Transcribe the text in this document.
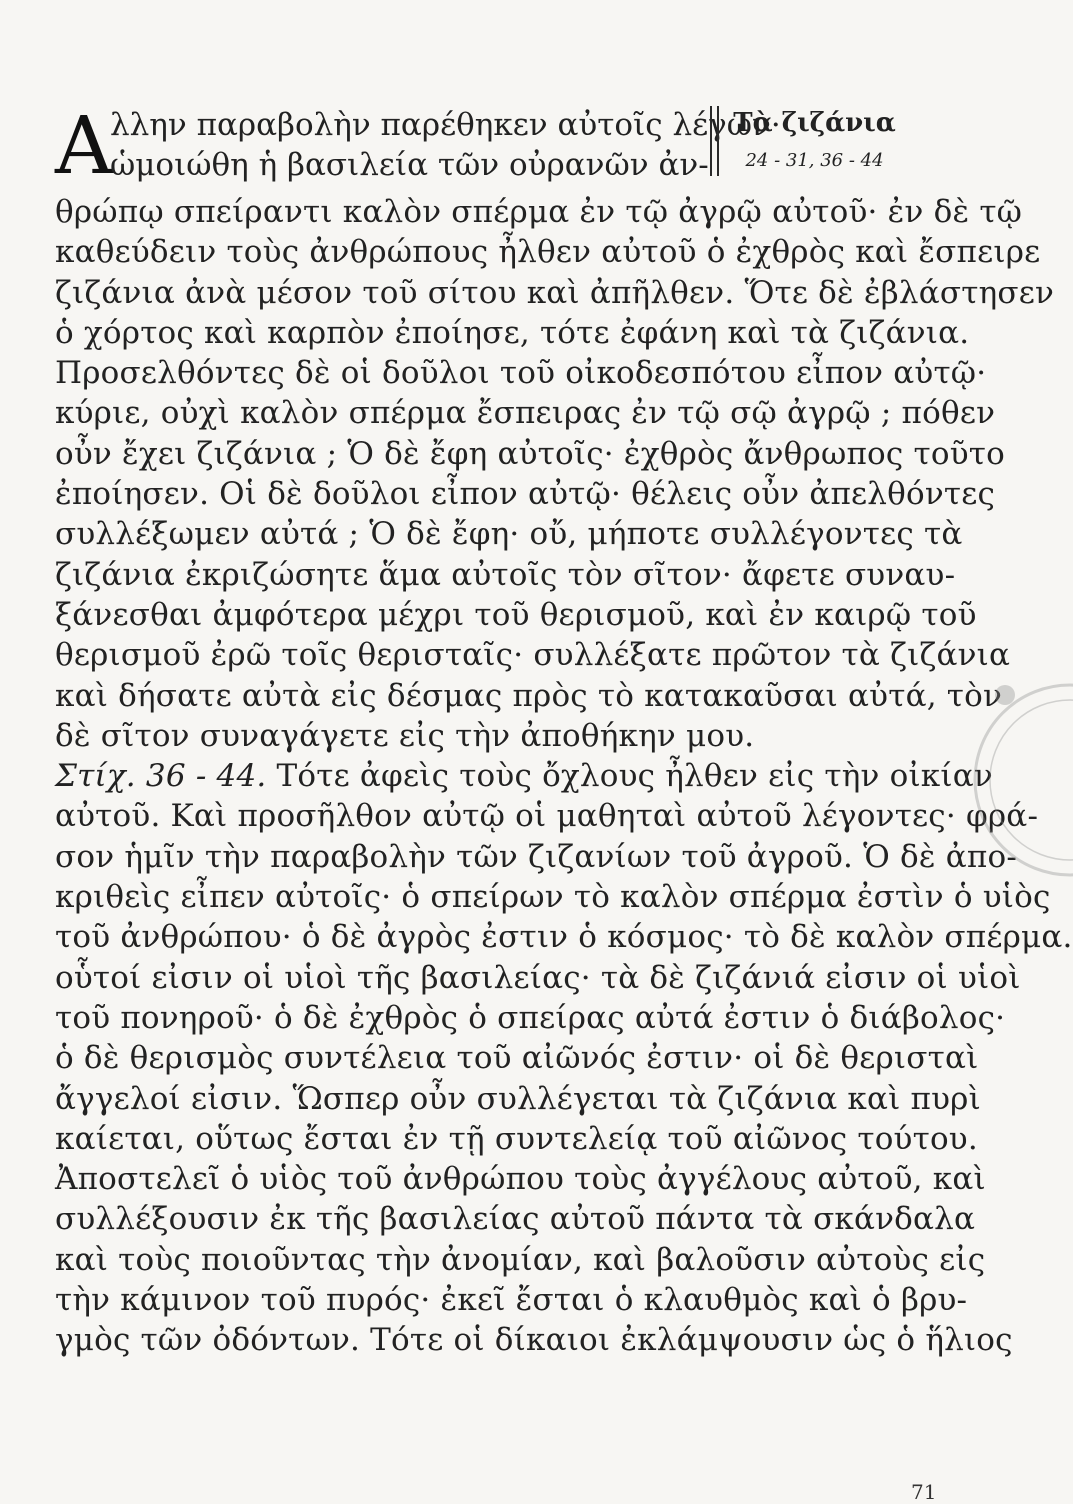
Α
λλην παραβολὴν παρέθηκεν αὐτοῖς λέγων·
ὡμοιώθη ἡ βασιλεία τῶν οὐρανῶν ἀν-
Τὰ ζιζάνια
24 - 31, 36 - 44
θρώπῳ σπείραντι καλὸν σπέρμα ἐν τῷ ἀγρῷ αὐτοῦ· ἐν δὲ τῷ
καθεύδειν τοὺς ἀνθρώπους ἦλθεν αὐτοῦ ὁ ἐχθρὸς καὶ ἔσπειρε
ζιζάνια ἀνὰ μέσον τοῦ σίτου καὶ ἀπῆλθεν. Ὅτε δὲ ἐβλάστησεν
ὁ χόρτος καὶ καρπὸν ἐποίησε, τότε ἐφάνη καὶ τὰ ζιζάνια.
Προσελθόντες δὲ οἱ δοῦλοι τοῦ οἰκοδεσπότου εἶπον αὐτῷ·
κύριε, οὐχὶ καλὸν σπέρμα ἔσπειρας ἐν τῷ σῷ ἀγρῷ ; πόθεν
οὖν ἔχει ζιζάνια ; Ὁ δὲ ἔφη αὐτοῖς· ἐχθρὸς ἄνθρωπος τοῦτο
ἐποίησεν. Οἱ δὲ δοῦλοι εἶπον αὐτῷ· θέλεις οὖν ἀπελθόντες
συλλέξωμεν αὐτά ; Ὁ δὲ ἔφη· οὔ, μήποτε συλλέγοντες τὰ
ζιζάνια ἐκριζώσητε ἅμα αὐτοῖς τὸν σῖτον· ἄφετε συναυ-
ξάνεσθαι ἀμφότερα μέχρι τοῦ θερισμοῦ, καὶ ἐν καιρῷ τοῦ
θερισμοῦ ἐρῶ τοῖς θερισταῖς· συλλέξατε πρῶτον τὰ ζιζάνια
καὶ δήσατε αὐτὰ εἰς δέσμας πρὸς τὸ κατακαῦσαι αὐτά, τὸν
δὲ σῖτον συναγάγετε εἰς τὴν ἀποθήκην μου.
Στίχ. 36 - 44. Τότε ἀφεὶς τοὺς ὄχλους ἦλθεν εἰς τὴν οἰκίαν
αὐτοῦ. Καὶ προσῆλθον αὐτῷ οἱ μαθηταὶ αὐτοῦ λέγοντες· φρά-
σον ἡμῖν τὴν παραβολὴν τῶν ζιζανίων τοῦ ἀγροῦ. Ὁ δὲ ἀπο-
κριθεὶς εἶπεν αὐτοῖς· ὁ σπείρων τὸ καλὸν σπέρμα ἐστὶν ὁ υἱὸς
τοῦ ἀνθρώπου· ὁ δὲ ἀγρὸς ἐστιν ὁ κόσμος· τὸ δὲ καλὸν σπέρμα.
οὗτοί εἰσιν οἱ υἱοὶ τῆς βασιλείας· τὰ δὲ ζιζάνιά εἰσιν οἱ υἱοὶ
τοῦ πονηροῦ· ὁ δὲ ἐχθρὸς ὁ σπείρας αὐτά ἐστιν ὁ διάβολος·
ὁ δὲ θερισμὸς συντέλεια τοῦ αἰῶνός ἐστιν· οἱ δὲ θερισταὶ
ἄγγελοί εἰσιν. Ὥσπερ οὖν συλλέγεται τὰ ζιζάνια καὶ πυρὶ
καίεται, οὕτως ἔσται ἐν τῇ συντελείᾳ τοῦ αἰῶνος τούτου.
Ἀποστελεῖ ὁ υἱὸς τοῦ ἀνθρώπου τοὺς ἀγγέλους αὐτοῦ, καὶ
συλλέξουσιν ἐκ τῆς βασιλείας αὐτοῦ πάντα τὰ σκάνδαλα
καὶ τοὺς ποιοῦντας τὴν ἀνομίαν, καὶ βαλοῦσιν αὐτοὺς εἰς
τὴν κάμινον τοῦ πυρός· ἐκεῖ ἔσται ὁ κλαυθμὸς καὶ ὁ βρυ-
γμὸς τῶν ὀδόντων. Τότε οἱ δίκαιοι ἐκλάμψουσιν ὡς ὁ ἥλιος
71
